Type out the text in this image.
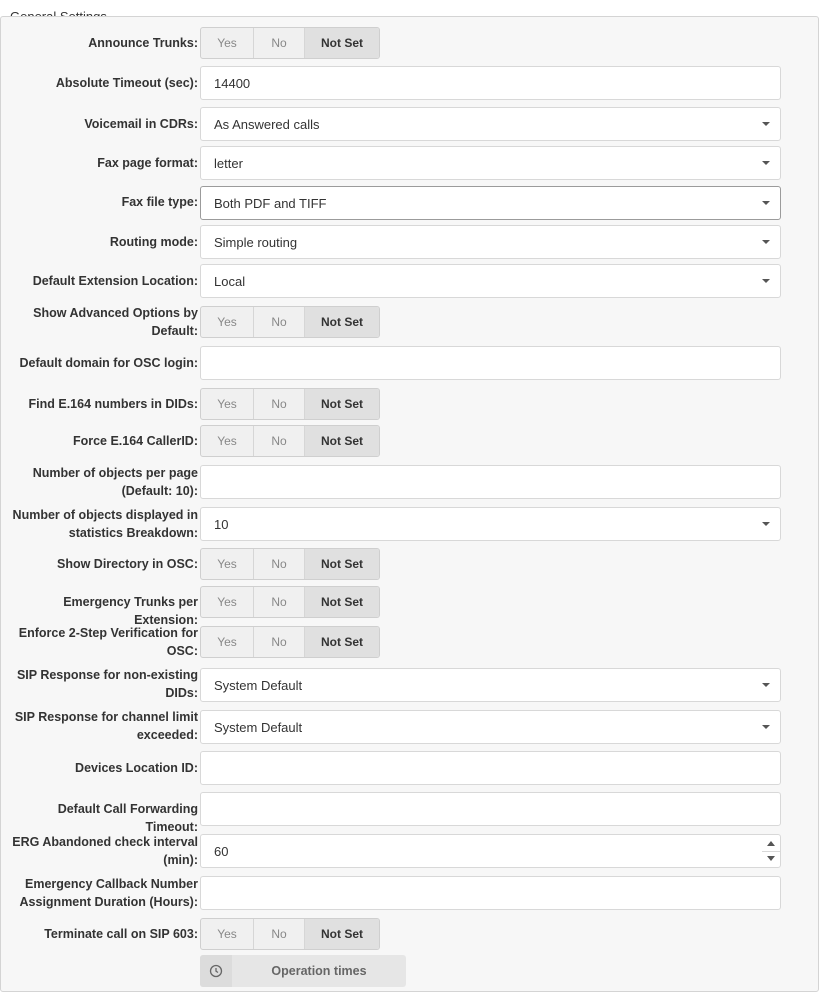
Announce Trunks:	Yes	No	Not Set
Absolute Timeout (sec): 14400
Voicemail in CDRs: As Answered calls
Fax page format: letter
Fax file type: Both PDF and TIFF
Routing mode: Simple routing
Default Extension Location: Local
Show Advanced Options by
Default:
Yes	No	Not Set
Default domain for OSC login:
Find E.164 numbers in DIDs:	Yes	No	Not Set
Force E.164 CallerID:	Yes	No	Not Set
Number of objects per page
(Default: 10):
Number of objects displayed in
statistics Breakdown:
10
Show Directory in OSC:	Yes	No	Not Set
Emergency Trunks per Extension:
Yes	No	Not Set
Enforce 2-Step Verification for
OSC:
Yes	No	Not Set
SIP Response for non-existing
DIDs:
System Default
SIP Response for channel limit
exceeded:
System Default
Devices Location ID:
Default Call Forwarding Timeout:
ERG Abandoned check interval
(min):
60
Emergency Callback Number
Assignment Duration (Hours):
Terminate call on SIP 603:	Yes	No	Not Set
Operation times
